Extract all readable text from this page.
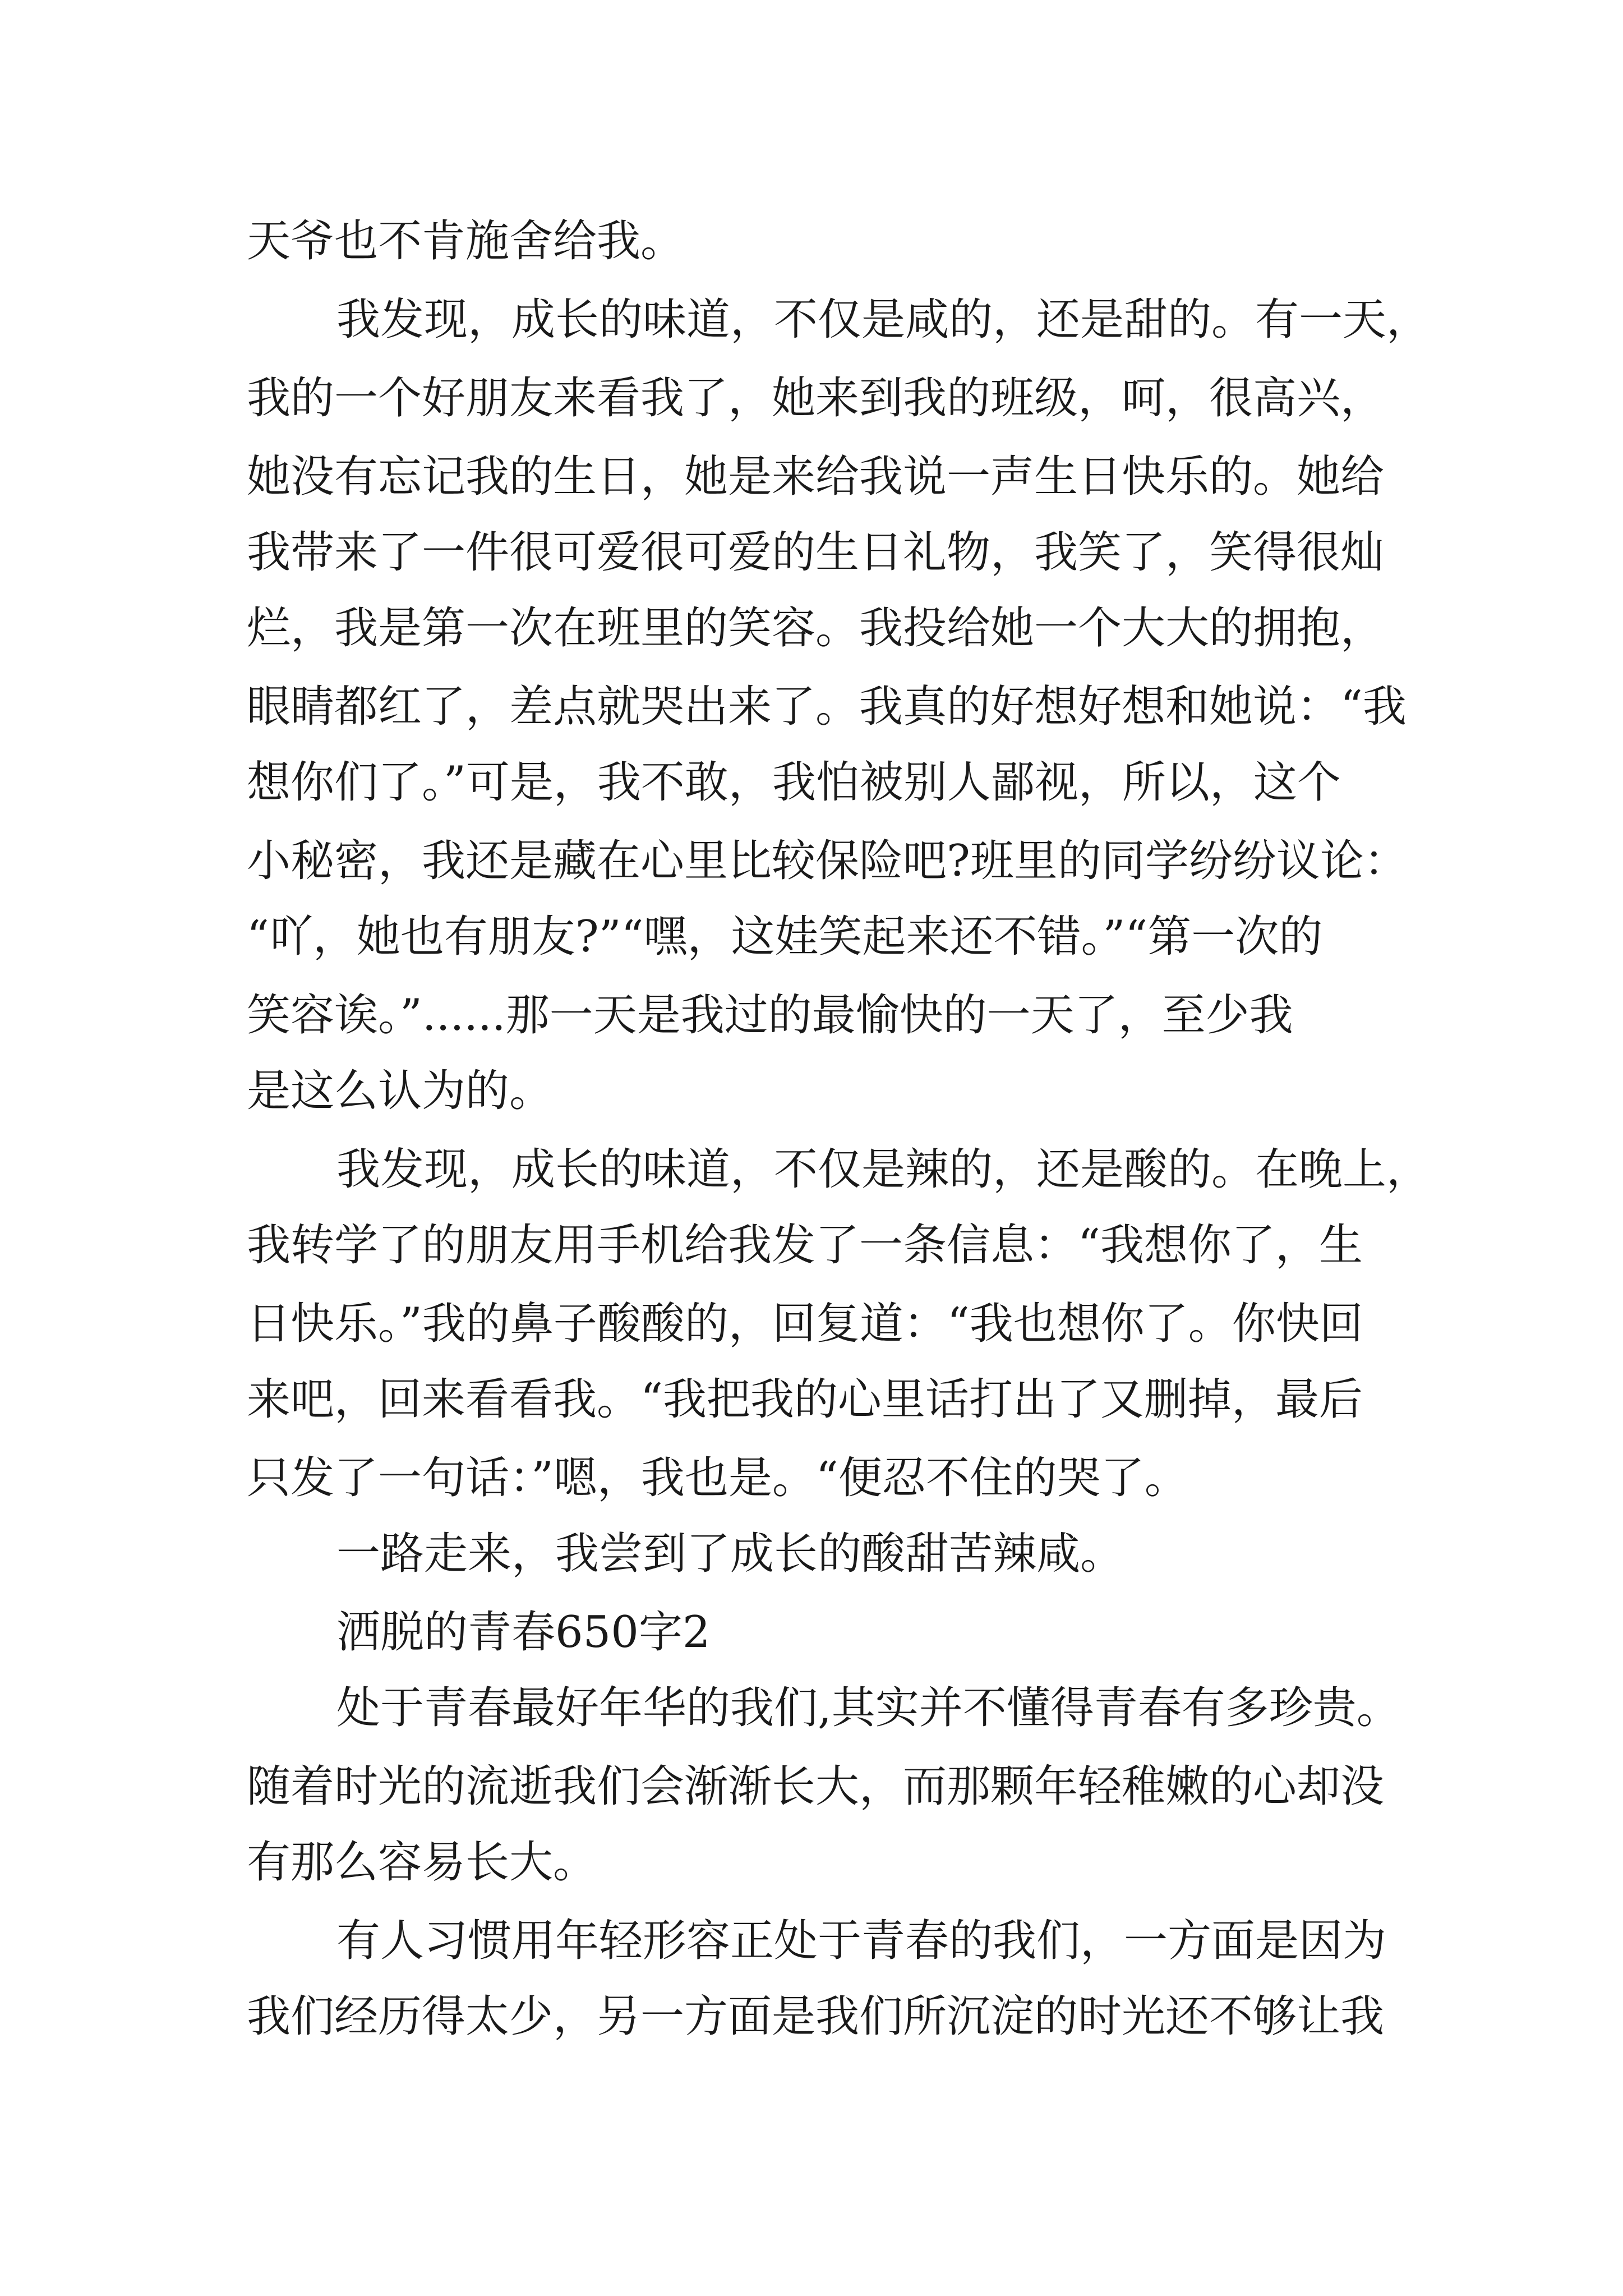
天爷也不肯施舍给我。
我发现，成长的味道，不仅是咸的，还是甜的。有一天，
我的一个好朋友来看我了，她来到我的班级，呵，很高兴，
她没有忘记我的生日，她是来给我说一声生日快乐的。她给
我带来了一件很可爱很可爱的生日礼物，我笑了，笑得很灿
烂，我是第一次在班里的笑容。我投给她一个大大的拥抱，
眼睛都红了，差点就哭出来了。我真的好想好想和她说：“我
想你们了。”可是，我不敢，我怕被别人鄙视，所以，这个
小秘密，我还是藏在心里比较保险吧?班里的同学纷纷议论：
“吖，她也有朋友?”“嘿，这娃笑起来还不错。”“第一次的
笑容诶。”......那一天是我过的最愉快的一天了，至少我
是这么认为的。
我发现，成长的味道，不仅是辣的，还是酸的。在晚上，
我转学了的朋友用手机给我发了一条信息：“我想你了，生
日快乐。”我的鼻子酸酸的，回复道：“我也想你了。你快回
来吧，回来看看我。“我把我的心里话打出了又删掉，最后
只发了一句话：”嗯，我也是。“便忍不住的哭了。
一路走来，我尝到了成长的酸甜苦辣咸。
洒脱的青春650字2
处于青春最好年华的我们,其实并不懂得青春有多珍贵。
随着时光的流逝我们会渐渐长大，而那颗年轻稚嫩的心却没
有那么容易长大。
有人习惯用年轻形容正处于青春的我们，一方面是因为
我们经历得太少，另一方面是我们所沉淀的时光还不够让我
